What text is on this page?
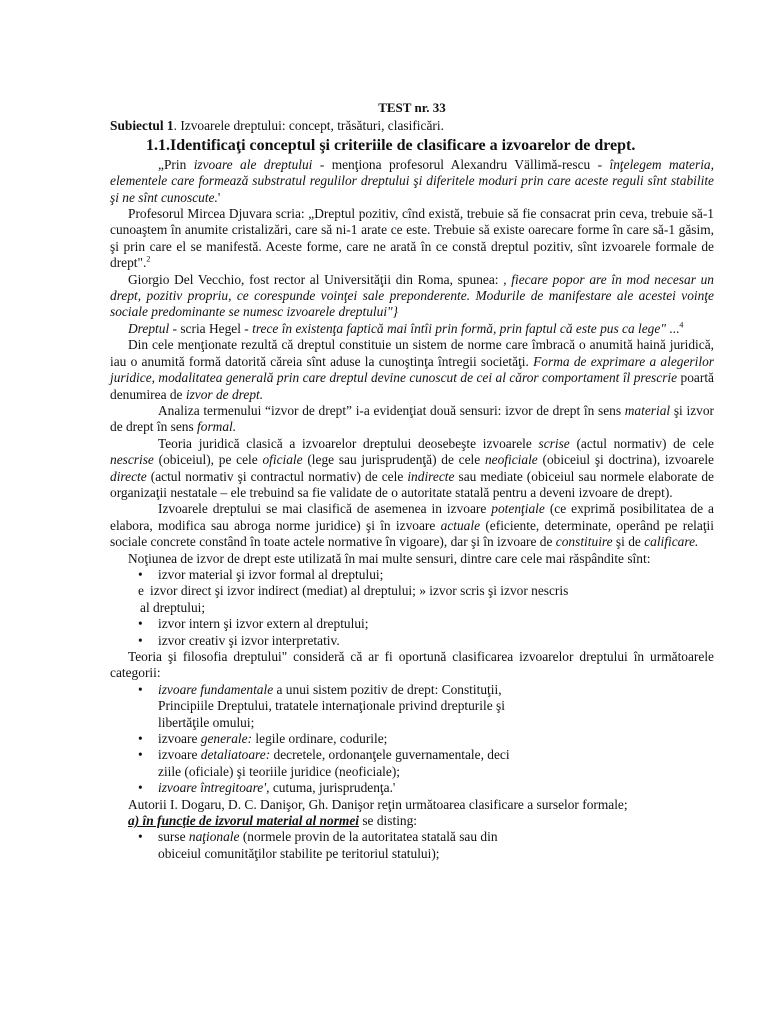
TEST nr. 33

Subiectul 1. Izvoarele dreptului: concept, trăsături, clasificări.

1.1.Identificaţi conceptul şi criteriile de clasificare a izvoarelor de drept.

„Prin izvoare ale dreptului - menţiona profesorul Alexandru Vällimă-rescu - înţelegem materia, elementele care formează substratul regulilor dreptului şi diferitele moduri prin care aceste reguli sînt stabilite şi ne sînt cunoscute.'

Profesorul Mircea Djuvara scria: „Dreptul pozitiv, cînd există, trebuie să fie consacrat prin ceva, trebuie să-1 cunoaştem în anumite cristalizări, care să ni-1 arate ce este. Trebuie să existe oarecare forme în care să-1 găsim, şi prin care el se manifestă. Aceste forme, care ne arată în ce constă dreptul pozitiv, sînt izvoarele formale de drept".$^2$

Giorgio Del Vecchio, fost rector al Universităţii din Roma, spunea: , fiecare popor are în mod necesar un drept, pozitiv propriu, ce corespunde voinţei sale preponderente. Modurile de manifestare ale acestei voinţe sociale predominante se numesc izvoarele dreptului"}

Dreptul - scria Hegel - trece în existenţa faptică mai întîi prin formă, prin faptul că este pus ca lege" ...$^4$

Din cele menţionate rezultă că dreptul constituie un sistem de norme care îmbracă o anumită haină juridică, iau o anumită formă datorită căreia sînt aduse la cunoştinţa întregii societăţi. Forma de exprimare a alegerilor juridice, modalitatea generală prin care dreptul devine cunoscut de cei al căror comportament îl prescrie poartă denumirea de izvor de drept.

Analiza termenului “izvor de drept” i-a evidenţiat două sensuri: izvor de drept în sens material şi izvor de drept în sens formal.

Teoria juridică clasică a izvoarelor dreptului deosebeşte izvoarele scrise (actul normativ) de cele nescrise (obiceiul), pe cele oficiale (lege sau jurisprudenţă) de cele neoficiale (obiceiul şi doctrina), izvoarele directe (actul normativ şi contractul normativ) de cele indirecte sau mediate (obiceiul sau normele elaborate de organizaţii nestatale – ele trebuind sa fie validate de o autoritate statală pentru a deveni izvoare de drept).

Izvoarele dreptului se mai clasifică de asemenea in izvoare potenţiale (ce exprimă posibilitatea de a elabora, modifica sau abroga norme juridice) şi în izvoare actuale (eficiente, determinate, operând pe relaţii sociale concrete constând în toate actele normative în vigoare), dar şi în izvoare de constituire şi de calificare.

Noţiunea de izvor de drept este utilizată în mai multe sensuri, dintre care cele mai răspândite sînt:

• izvor material şi izvor formal al dreptului;
e izvor direct şi izvor indirect (mediat) al dreptului; » izvor scris şi izvor nescris
al dreptului;
• izvor intern şi izvor extern al dreptului;
• izvor creativ şi izvor interpretativ.

Teoria şi filosofia dreptului" consideră că ar fi oportună clasificarea izvoarelor dreptului în următoarele categorii:

• izvoare fundamentale a unui sistem pozitiv de drept: Constituţii,
Principiile Dreptului, tratatele internaţionale privind drepturile şi
libertăţile omului;
• izvoare generale: legile ordinare, codurile;
• izvoare detaliatoare: decretele, ordonanţele guvernamentale, deci
ziile (oficiale) şi teoriile juridice (neoficiale);
• izvoare întregitoare', cutuma, jurisprudenţa.'

Autorii I. Dogaru, D. C. Danişor, Gh. Danişor reţin următoarea clasificare a surselor formale;

a) în funcţie de izvorul material al normei se disting:

• surse naţionale (normele provin de la autoritatea statală sau din
obiceiul comunităţilor stabilite pe teritoriul statului);
